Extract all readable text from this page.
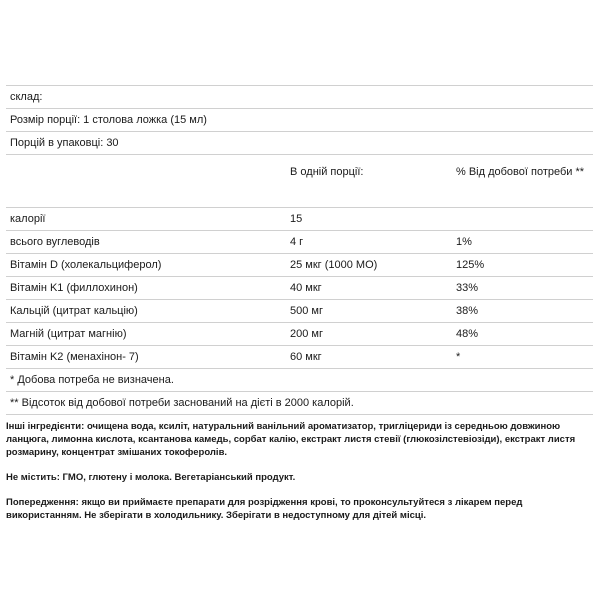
склад:		
Розмір порції: 1 столова ложка (15 мл)		
Порцій в упаковці: 30		
	В одній порції:	% Від добової потреби **
калорії	15	
всього вуглеводів	4 г	1%
Вітамін D (холекальциферол)	25 мкг (1000 МО)	125%
Вітамін K1 (филлохинон)	40 мкг	33%
Кальцій (цитрат кальцію)	500 мг	38%
Магній (цитрат магнію)	200 мг	48%
Вітамін K2 (менахінон- 7)	60 мкг	*
* Добова потреба не визначена.		
** Відсоток від добової потреби заснований на дієті в 2000 калорій.		

Інші інгредієнти: очищена вода, ксиліт, натуральний ванільний ароматизатор, тригліцериди із середньою довжиною ланцюга, лимонна кислота, ксантанова камедь, сорбат калію, екстракт листя стевії (глюкозілстевіозіди), екстракт листя розмарину, концентрат змішаних токоферолів.

Не містить: ГМО, глютену і молока. Вегетаріанський продукт.

Попередження: якщо ви приймаєте препарати для розрідження крові, то проконсультуйтеся з лікарем перед використанням. Не зберігати в холодильнику. Зберігати в недоступному для дітей місці.
